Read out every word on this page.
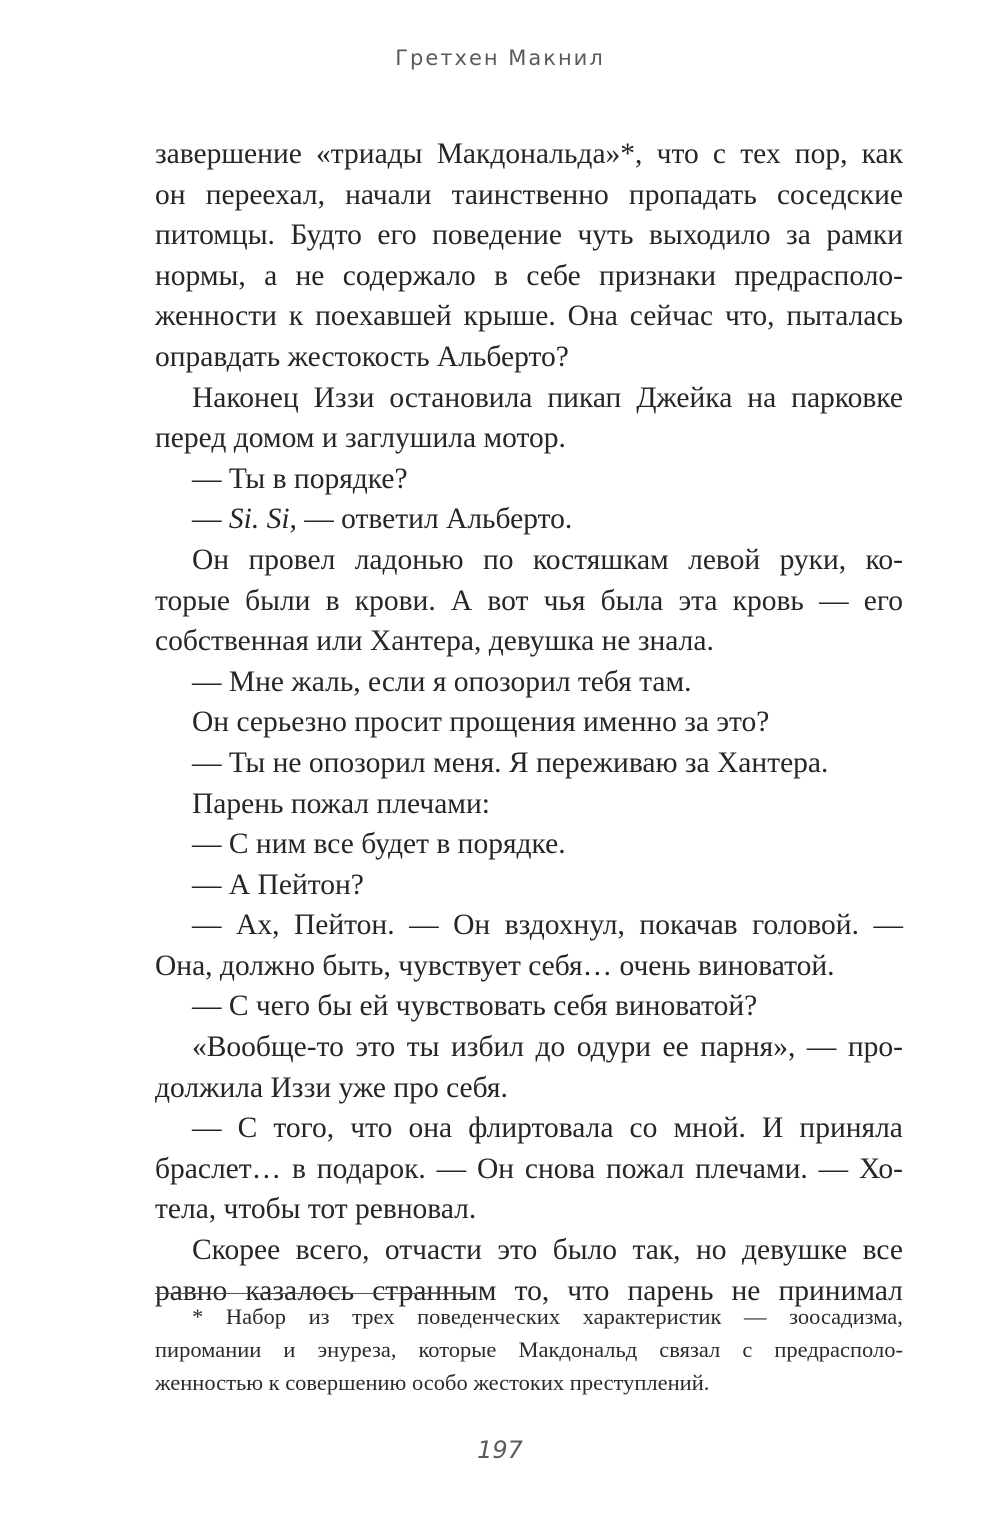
Гретхен Макнил
завершение «триады Макдональда»*, что с тех пор, как
он переехал, начали таинственно пропадать соседские
питомцы. Будто его поведение чуть выходило за рамки
нормы, а не содержало в себе признаки предрасполо-
женности к поехавшей крыше. Она сейчас что, пыталась
оправдать жестокость Альберто?
Наконец Иззи остановила пикап Джейка на парковке
перед домом и заглушила мотор.
— Ты в порядке?
— Si. Si, — ответил Альберто.
Он провел ладонью по костяшкам левой руки, ко-
торые были в крови. А вот чья была эта кровь — его
собственная или Хантера, девушка не знала.
— Мне жаль, если я опозорил тебя там.
Он серьезно просит прощения именно за это?
— Ты не опозорил меня. Я переживаю за Хантера.
Парень пожал плечами:
— С ним все будет в порядке.
— А Пейтон?
— Ах, Пейтон. — Он вздохнул, покачав головой. —
Она, должно быть, чувствует себя… очень виноватой.
— С чего бы ей чувствовать себя виноватой?
«Вообще-то это ты избил до одури ее парня», — про-
должила Иззи уже про себя.
— С того, что она флиртовала со мной. И приняла
браслет… в подарок. — Он снова пожал плечами. — Хо-
тела, чтобы тот ревновал.
Скорее всего, отчасти это было так, но девушке все
равно казалось странным то, что парень не принимал
* Набор из трех поведенческих характеристик — зоосадизма,
пиромании и энуреза, которые Макдональд связал с предрасполо-
женностью к совершению особо жестоких преступлений.
197
